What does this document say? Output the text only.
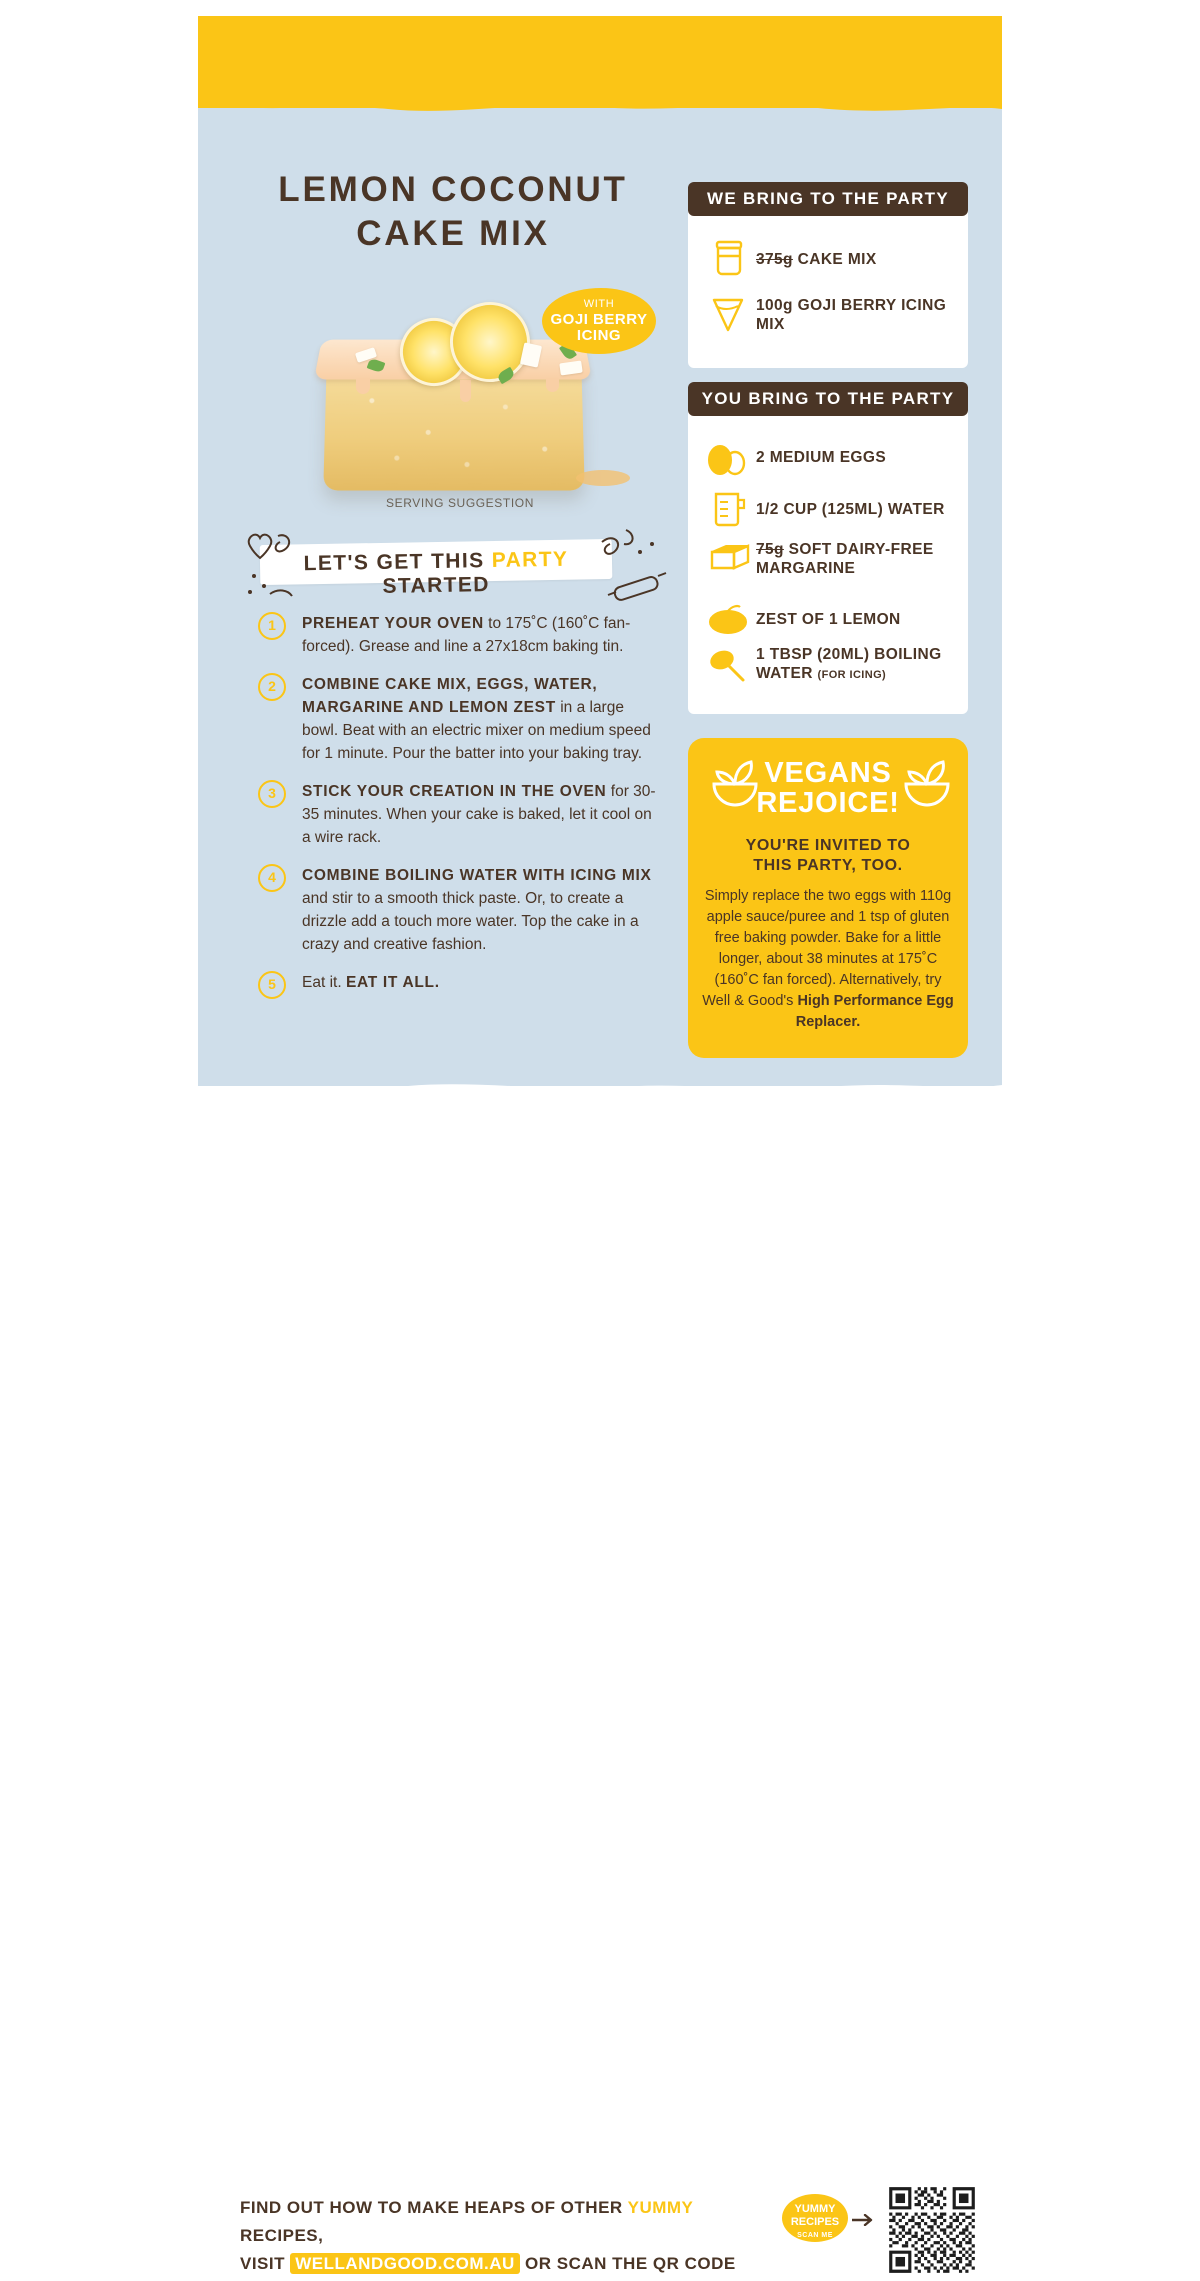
LEMON COCONUT
CAKE MIX
SERVING SUGGESTION
WITH
GOJI BERRY
ICING
LET'S GET THIS PARTY STARTED
1	PREHEAT YOUR OVEN to 175˚C (160˚C fan-forced). Grease and line a 27x18cm baking tin.
2	COMBINE CAKE MIX, EGGS, WATER, MARGARINE AND LEMON ZEST in a large bowl. Beat with an electric mixer on medium speed for 1 minute. Pour the batter into your baking tray.
3	STICK YOUR CREATION IN THE OVEN for 30-35 minutes. When your cake is baked, let it cool on a wire rack.
4	COMBINE BOILING WATER WITH ICING MIX and stir to a smooth thick paste. Or, to create a drizzle add a touch more water. Top the cake in a crazy and creative fashion.
5	Eat it. EAT IT ALL.
WE BRING TO THE PARTY
375g CAKE MIX
100g GOJI BERRY ICING MIX
YOU BRING TO THE PARTY
2 MEDIUM EGGS
1/2 CUP (125ML) WATER
75g SOFT DAIRY-FREE MARGARINE
ZEST OF 1 LEMON
1 TBSP (20ML) BOILING WATER (FOR ICING)
VEGANS
REJOICE!
YOU'RE INVITED TO
THIS PARTY, TOO.
Simply replace the two eggs with 110g apple sauce/puree and 1 tsp of gluten free baking powder. Bake for a little longer, about 38 minutes at 175˚C (160˚C fan forced). Alternatively, try Well & Good's High Performance Egg Replacer.
FIND OUT HOW TO MAKE HEAPS OF OTHER YUMMY RECIPES,
VISIT WELLANDGOOD.COM.AU OR SCAN THE QR CODE
YUMMY
RECIPES
SCAN ME
